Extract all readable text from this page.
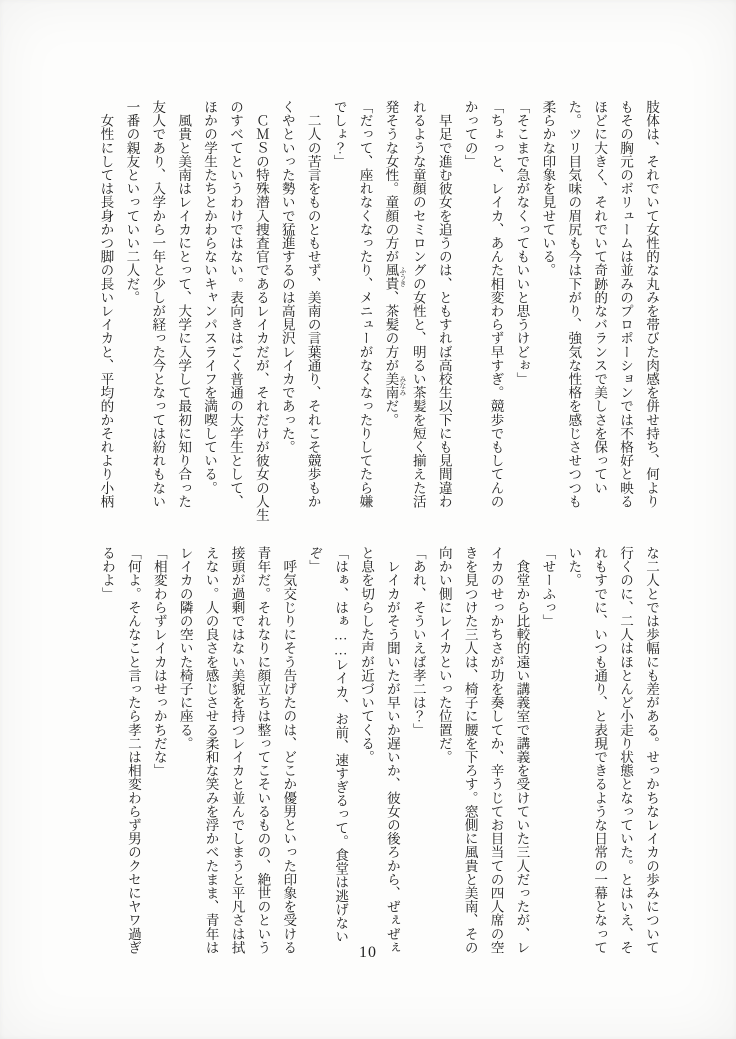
肢体は、それでいて女性的な丸みを帯びた肉感を併せ持ち、何より
もその胸元のボリュームは並みのプロポーションでは不格好と映る
ほどに大きく、それでいて奇跡的なバランスで美しさを保ってい
た。ツリ目気味の眉尻も今は下がり、強気な性格を感じさせつつも
柔らかな印象を見せている。
「そこまで急がなくってもいいと思うけどぉ」
「ちょっと、レイカ、あんた相変わらず早すぎ。競歩でもしてんの
かっての」
　早足で進む彼女を追うのは、ともすれば高校生以下にも見間違わ
れるような童顔のセミロングの女性と、明るい茶髪を短く揃えた活
発そうな女性。童顔の方が風貴 ふうき、茶髪の方が美南 みなみだ。
「だって、座れなくなったり、メニューがなくなったりしてたら嫌
でしょ？」
　二人の苦言をものともせず、美南の言葉通り、それこそ競歩もか
くやといった勢いで猛進するのは高見沢レイカであった。
　ＣＭＳの特殊潜入捜査官であるレイカだが、それだけが彼女の人生
のすべてというわけではない。表向きはごく普通の大学生として、
ほかの学生たちとかわらないキャンパスライフを満喫している。
　風貴と美南はレイカにとって、大学に入学して最初に知り合った
友人であり、入学から一年と少しが経った今となっては紛れもない
一番の親友といっていい二人だ。
　女性にしては長身かつ脚の長いレイカと、平均的かそれより小柄
な二人とでは歩幅にも差がある。せっかちなレイカの歩みについて
行くのに、二人はほとんど小走り状態となっていた。とはいえ、そ
れもすでに、いつも通り、と表現できるような日常の一幕となって
いた。
「せーふっ」
　食堂から比較的遠い講義室で講義を受けていた三人だったが、レ
イカのせっかちさが功を奏してか、辛うじてお目当ての四人席の空
きを見つけた三人は、椅子に腰を下ろす。窓側に風貴と美南、その
向かい側にレイカといった位置だ。
「あれ、そういえば孝二は？」
　レイカがそう聞いたが早いか遅いか、彼女の後ろから、ぜぇぜぇ
と息を切らした声が近づいてくる。
「はぁ、はぁ……レイカ、お前、速すぎるって。食堂は逃げない
ぞ」
　呼気交じりにそう告げたのは、どこか優男といった印象を受ける
青年だ。それなりに顔立ちは整ってこそいるものの、絶世のという
接頭が過剰ではない美貌を持つレイカと並んでしまうと平凡さは拭
えない。人の良さを感じさせる柔和な笑みを浮かべたまま、青年は
レイカの隣の空いた椅子に座る。
「相変わらずレイカはせっかちだな」
「何よ。そんなこと言ったら孝二は相変わらず男のクセにヤワ過ぎ
るわよ」
10
